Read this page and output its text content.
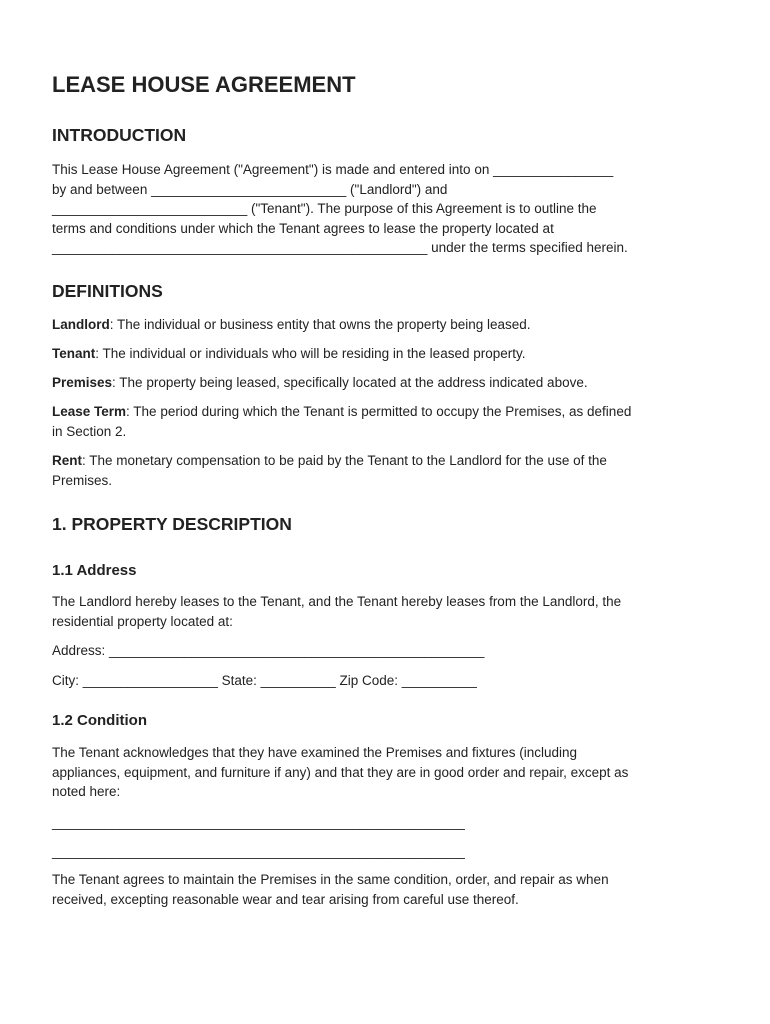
LEASE HOUSE AGREEMENT
INTRODUCTION
This Lease House Agreement ("Agreement") is made and entered into on ________________
by and between __________________________ ("Landlord") and
__________________________ ("Tenant"). The purpose of this Agreement is to outline the
terms and conditions under which the Tenant agrees to lease the property located at
__________________________________________________ under the terms specified herein.
DEFINITIONS
Landlord: The individual or business entity that owns the property being leased.
Tenant: The individual or individuals who will be residing in the leased property.
Premises: The property being leased, specifically located at the address indicated above.
Lease Term: The period during which the Tenant is permitted to occupy the Premises, as defined
in Section 2.
Rent: The monetary compensation to be paid by the Tenant to the Landlord for the use of the
Premises.
1. PROPERTY DESCRIPTION
1.1 Address
The Landlord hereby leases to the Tenant, and the Tenant hereby leases from the Landlord, the
residential property located at:
Address: __________________________________________________
City: __________________ State: __________ Zip Code: __________
1.2 Condition
The Tenant acknowledges that they have examined the Premises and fixtures (including
appliances, equipment, and furniture if any) and that they are in good order and repair, except as
noted here:
_______________________________________________________
_______________________________________________________
The Tenant agrees to maintain the Premises in the same condition, order, and repair as when
received, excepting reasonable wear and tear arising from careful use thereof.
